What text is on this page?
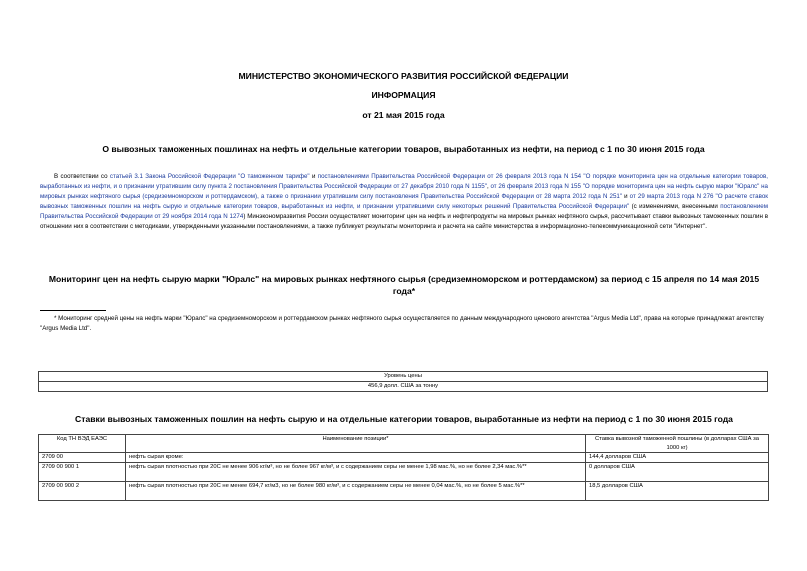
МИНИСТЕРСТВО ЭКОНОМИЧЕСКОГО РАЗВИТИЯ РОССИЙСКОЙ ФЕДЕРАЦИИ
ИНФОРМАЦИЯ
от 21 мая 2015 года
О вывозных таможенных пошлинах на нефть и отдельные категории товаров, выработанных из нефти, на период с 1 по 30 июня 2015 года
В соответствии со статьей 3.1 Закона Российской Федерации "О таможенном тарифе" и постановлениями Правительства Российской Федерации от 26 февраля 2013 года N 154 "О порядке мониторинга цен на отдельные категории товаров, выработанных из нефти, и о признании утратившим силу пункта 2 постановления Правительства Российской Федерации от 27 декабря 2010 года N 1155", от 26 февраля 2013 года N 155 "О порядке мониторинга цен на нефть сырую марки "Юралс" на мировых рынках нефтяного сырья (средиземноморском и роттердамском), а также о признании утратившим силу постановления Правительства Российской Федерации от 28 марта 2012 года N 251" и от 29 марта 2013 года N 276 "О расчете ставок вывозных таможенных пошлин на нефть сырую и отдельные категории товаров, выработанных из нефти, и признании утратившими силу некоторых решений Правительства Российской Федерации" (с изменениями, внесенными постановлением Правительства Российской Федерации от 29 ноября 2014 года N 1274) Минэкономразвития России осуществляет мониторинг цен на нефть и нефтепродукты на мировых рынках нефтяного сырья, рассчитывает ставки вывозных таможенных пошлин в отношении них в соответствии с методиками, утвержденными указанными постановлениями, а также публикует результаты мониторинга и расчета на сайте министерства в информационно-телекоммуникационной сети "Интернет".
Мониторинг цен на нефть сырую марки "Юралс" на мировых рынках нефтяного сырья (средиземноморском и роттердамском) за период с 15 апреля по 14 мая 2015 года*
* Мониторинг средней цены на нефть марки "Юралс" на средиземноморском и роттердамском рынках нефтяного сырья осуществляется по данным международного ценового агентства "Argus Media Ltd", права на которые принадлежат агентству "Argus Media Ltd".
Уровень цены
456,9 долл. США за тонну
Ставки вывозных таможенных пошлин на нефть сырую и на отдельные категории товаров, выработанные из нефти на период с 1 по 30 июня 2015 года
Код ТН ВЭД ЕАЭС	Наименование позиции*	Ставка вывозной таможенной пошлины (в долларах США за 1000 кг)
2709 00	нефть сырая кроме:	144,4 долларов США
2709 00 900 1	нефть сырая плотностью при 20С не менее 906 кг/м³, но не более 967 кг/м³, и с содержанием серы не менее 1,98 мас.%, но не более 2,34 мас.%**	0 долларов США
2709 00 900 2	нефть сырая плотностью при 20С не менее 694,7 кг/м3, но не более 980 кг/м³, и с содержанием серы не менее 0,04 мас.%, но не более 5 мас.%**	18,5 долларов США
